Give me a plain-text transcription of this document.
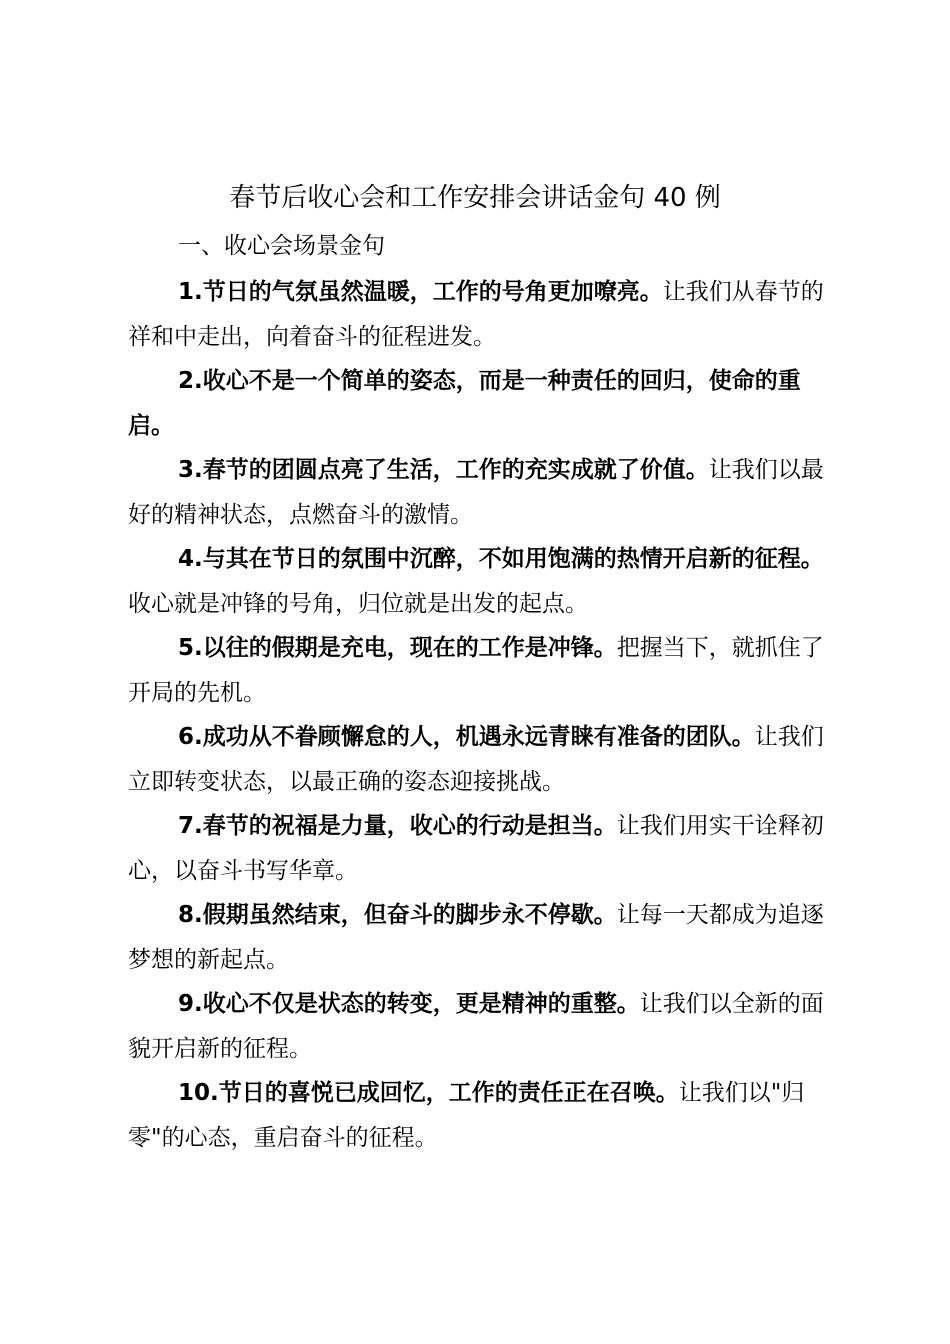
春节后收心会和工作安排会讲话金句 40 例
一、收心会场景金句

1.节日的气氛虽然温暖，工作的号角更加嘹亮。让我们从春节的祥和中走出，向着奋斗的征程进发。

2.收心不是一个简单的姿态，而是一种责任的回归，使命的重启。

3.春节的团圆点亮了生活，工作的充实成就了价值。让我们以最好的精神状态，点燃奋斗的激情。

4.与其在节日的氛围中沉醉，不如用饱满的热情开启新的征程。收心就是冲锋的号角，归位就是出发的起点。

5.以往的假期是充电，现在的工作是冲锋。把握当下，就抓住了开局的先机。

6.成功从不眷顾懈怠的人，机遇永远青睐有准备的团队。让我们立即转变状态，以最正确的姿态迎接挑战。

7.春节的祝福是力量，收心的行动是担当。让我们用实干诠释初心，以奋斗书写华章。

8.假期虽然结束，但奋斗的脚步永不停歇。让每一天都成为追逐梦想的新起点。

9.收心不仅是状态的转变，更是精神的重整。让我们以全新的面貌开启新的征程。

10.节日的喜悦已成回忆，工作的责任正在召唤。让我们以"归零"的心态，重启奋斗的征程。
